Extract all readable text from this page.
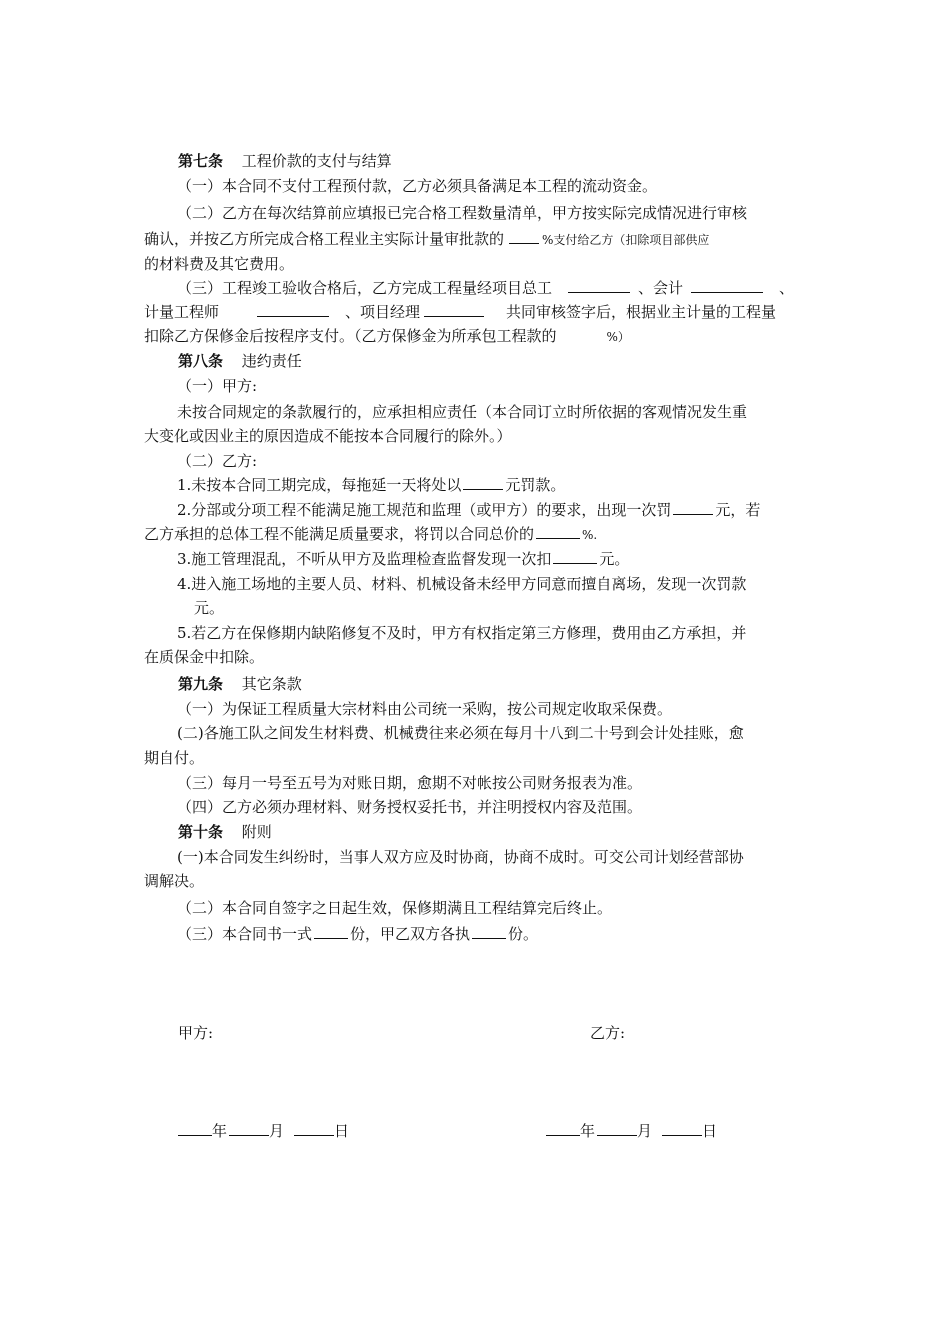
第七条 工程价款的支付与结算
（一）本合同不支付工程预付款，乙方必须具备满足本工程的流动资金。
（二）乙方在每次结算前应填报已完合格工程数量清单，甲方按实际完成情况进行审核
确认，并按乙方所完成合格工程业主实际计量审批款的	%支付给乙方（扣除项目部供应
的材料费及其它费用。
（三）工程竣工验收合格后，乙方完成工程量经项目总工	、会计	、
计量工程师	、项目经理	共同审核签字后，根据业主计量的工程量
扣除乙方保修金后按程序支付。（乙方保修金为所承包工程款的	%）
第八条 违约责任
（一）甲方:
未按合同规定的条款履行的，应承担相应责任（本合同订立时所依据的客观情况发生重
大变化或因业主的原因造成不能按本合同履行的除外。）
（二）乙方:
1.未按本合同工期完成，每拖延一天将处以	元罚款。
2.分部或分项工程不能满足施工规范和监理（或甲方）的要求，出现一次罚	元，若
乙方承担的总体工程不能满足质量要求，将罚以合同总价的	%.
3.施工管理混乱，不听从甲方及监理检查监督发现一次扣	元。
4.进入施工场地的主要人员、材料、机械设备未经甲方同意而擅自离场，发现一次罚款
元。
5.若乙方在保修期内缺陷修复不及时，甲方有权指定第三方修理，费用由乙方承担，并
在质保金中扣除。
第九条 其它条款
（一）为保证工程质量大宗材料由公司统一采购，按公司规定收取采保费。
(二)各施工队之间发生材料费、机械费往来必须在每月十八到二十号到会计处挂账，愈
期自付。
（三）每月一号至五号为对账日期，愈期不对帐按公司财务报表为准。
（四）乙方必须办理材料、财务授权妥托书，并注明授权内容及范围。
第十条 附则
(一)本合同发生纠纷时，当事人双方应及时协商，协商不成时。可交公司计划经营部协
调解决。
（二）本合同自签字之日起生效，保修期满且工程结算完后终止。
（三）本合同书一式	份，甲乙双方各执	份。
甲方:	乙方:
年	月	日	年	月	日
